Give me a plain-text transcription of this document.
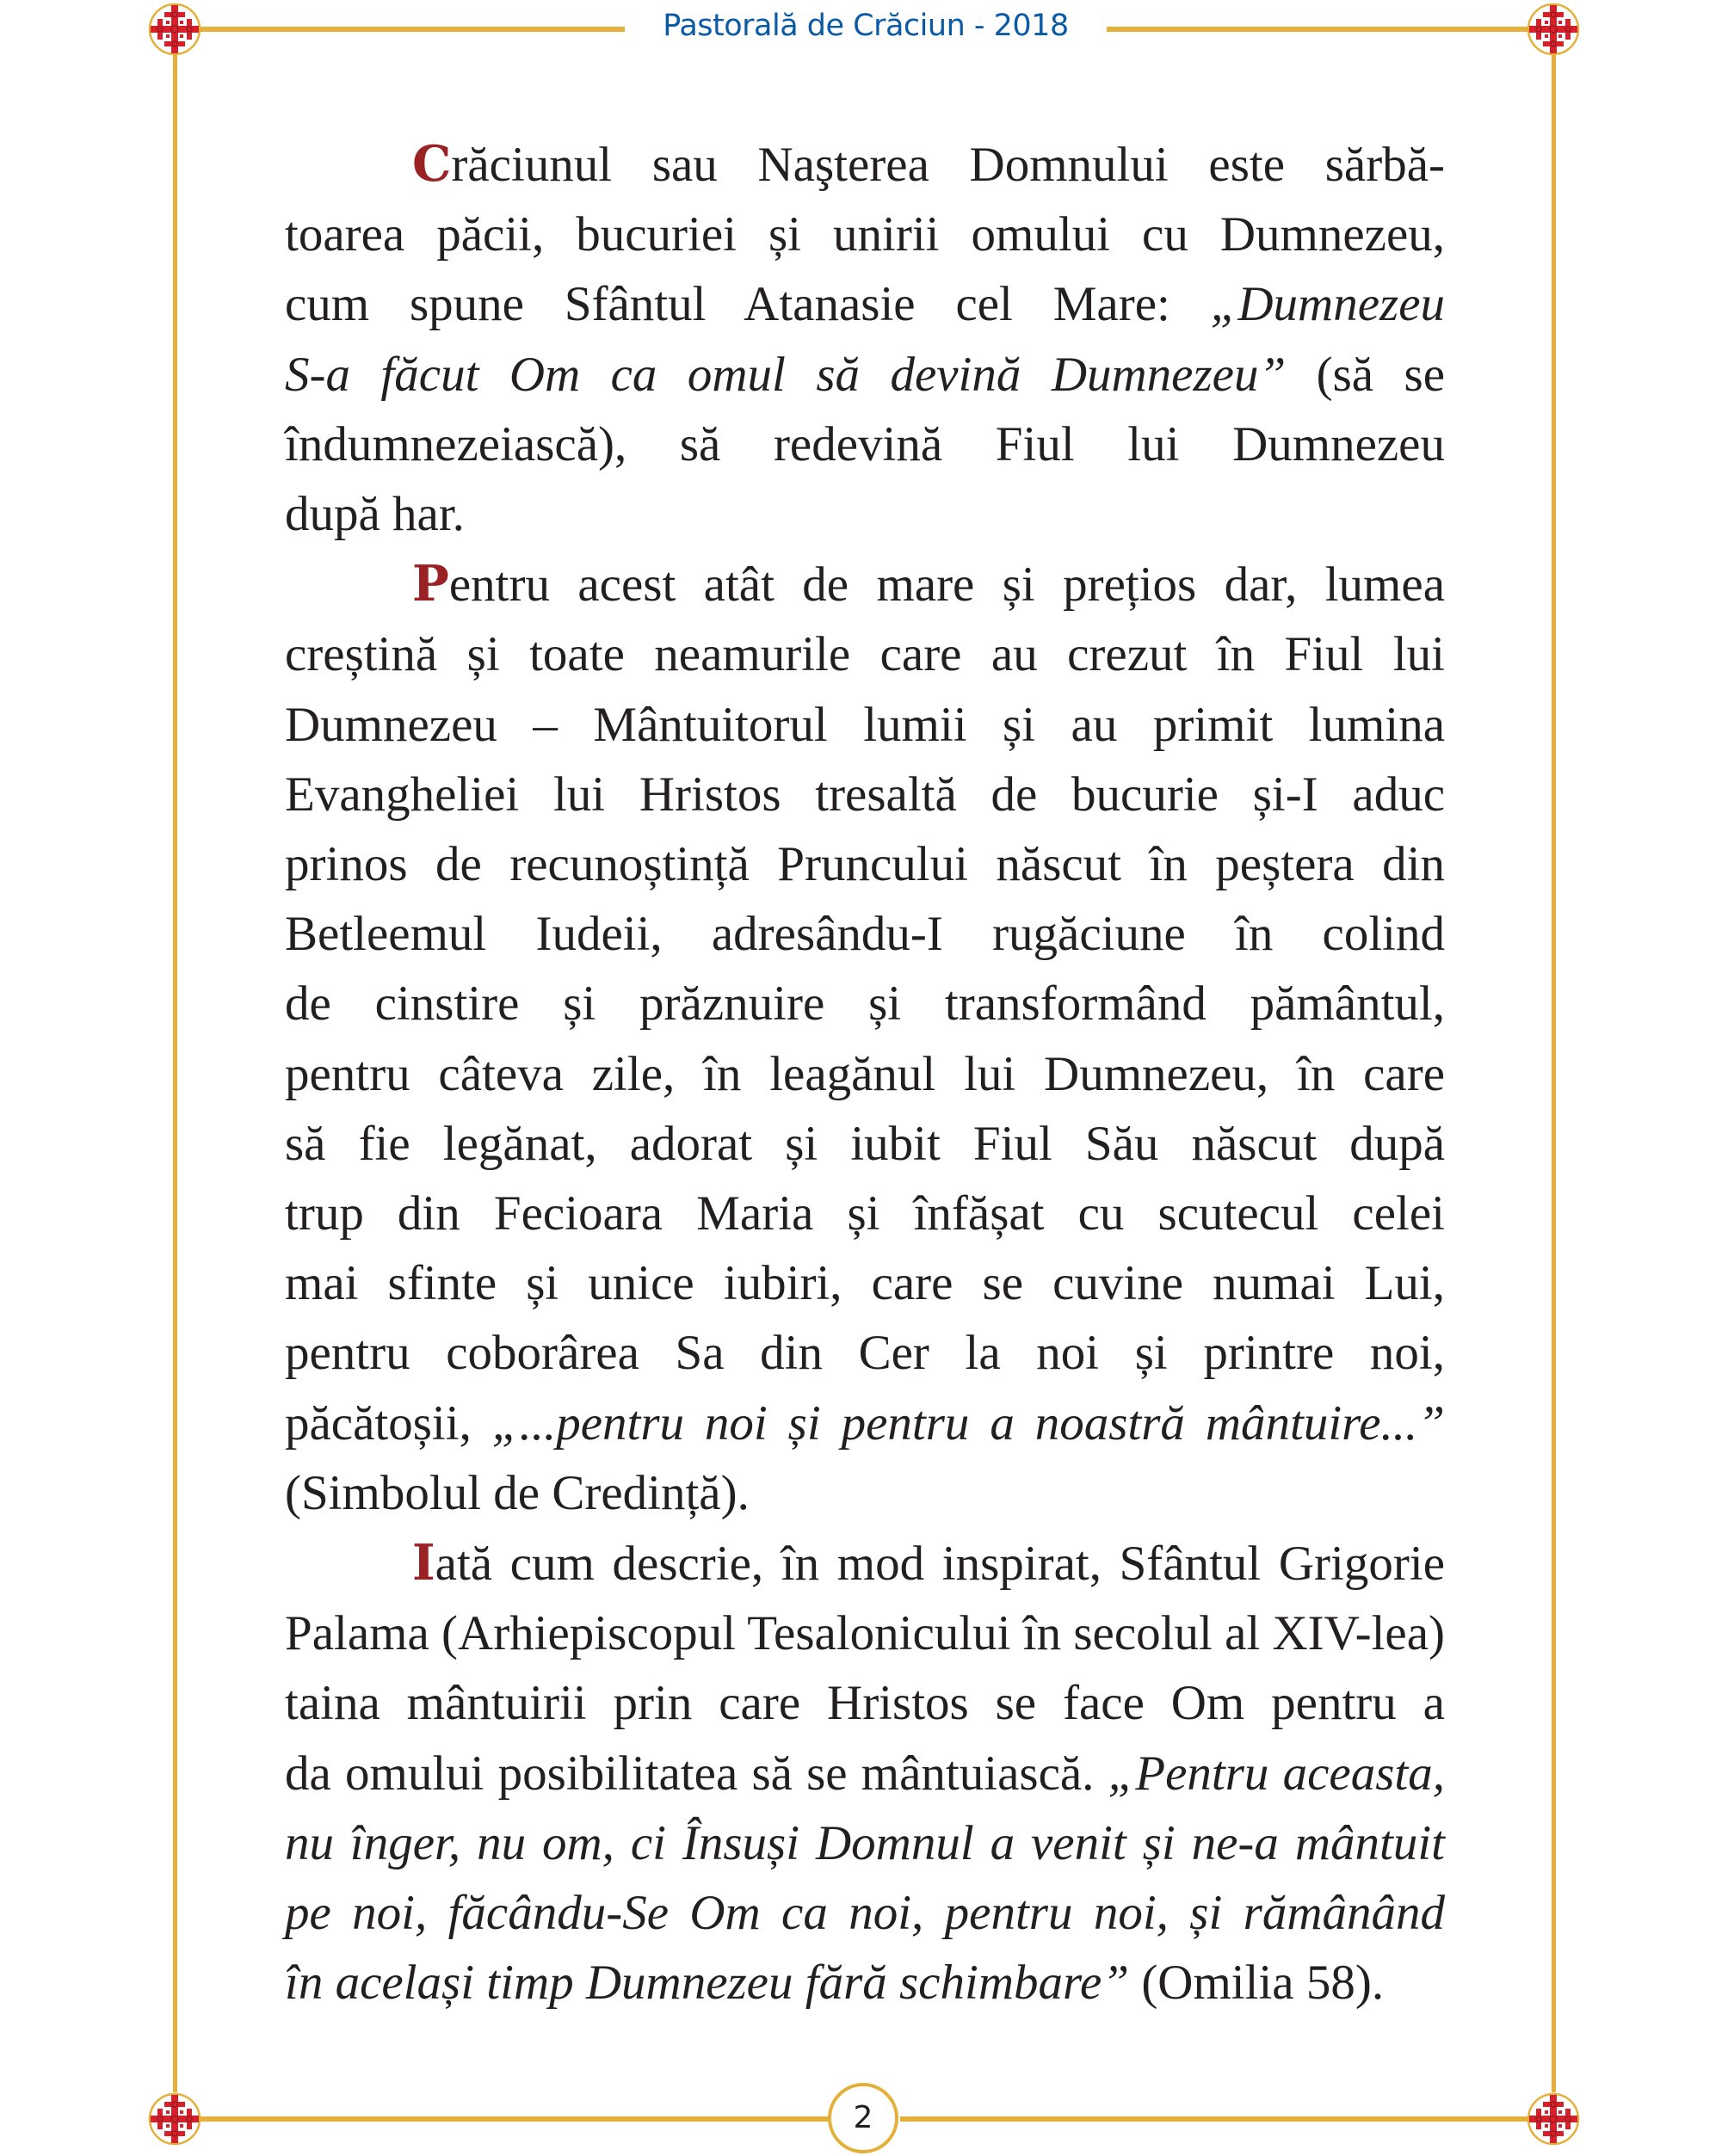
Pastorală de Crăciun - 2018
Crăciunul sau Naşterea Domnului este sărbă-
toarea păcii, bucuriei și unirii omului cu Dumnezeu,
cum spune Sfântul Atanasie cel Mare: „Dumnezeu
S-a făcut Om ca omul să devină Dumnezeu” (să se
îndumnezeiască), să redevină Fiul lui Dumnezeu
după har.
Pentru acest atât de mare și prețios dar, lumea
creștină și toate neamurile care au crezut în Fiul lui
Dumnezeu – Mântuitorul lumii și au primit lumina
Evangheliei lui Hristos tresaltă de bucurie și-I aduc
prinos de recunoștință Pruncului născut în peștera din
Betleemul Iudeii, adresându-I rugăciune în colind
de cinstire și prăznuire și transformând pământul,
pentru câteva zile, în leagănul lui Dumnezeu, în care
să fie legănat, adorat și iubit Fiul Său născut după
trup din Fecioara Maria și înfășat cu scutecul celei
mai sfinte și unice iubiri, care se cuvine numai Lui,
pentru coborârea Sa din Cer la noi și printre noi,
păcătoșii, „...pentru noi și pentru a noastră mântuire...”
(Simbolul de Credință).
Iată cum descrie, în mod inspirat, Sfântul Grigorie
Palama (Arhiepiscopul Tesalonicului în secolul al XIV-lea)
taina mântuirii prin care Hristos se face Om pentru a
da omului posibilitatea să se mântuiască. „Pentru aceasta,
nu înger, nu om, ci Însuși Domnul a venit și ne-a mântuit
pe noi, făcându-Se Om ca noi, pentru noi, și rămânând
în același timp Dumnezeu fără schimbare” (Omilia 58).
2
